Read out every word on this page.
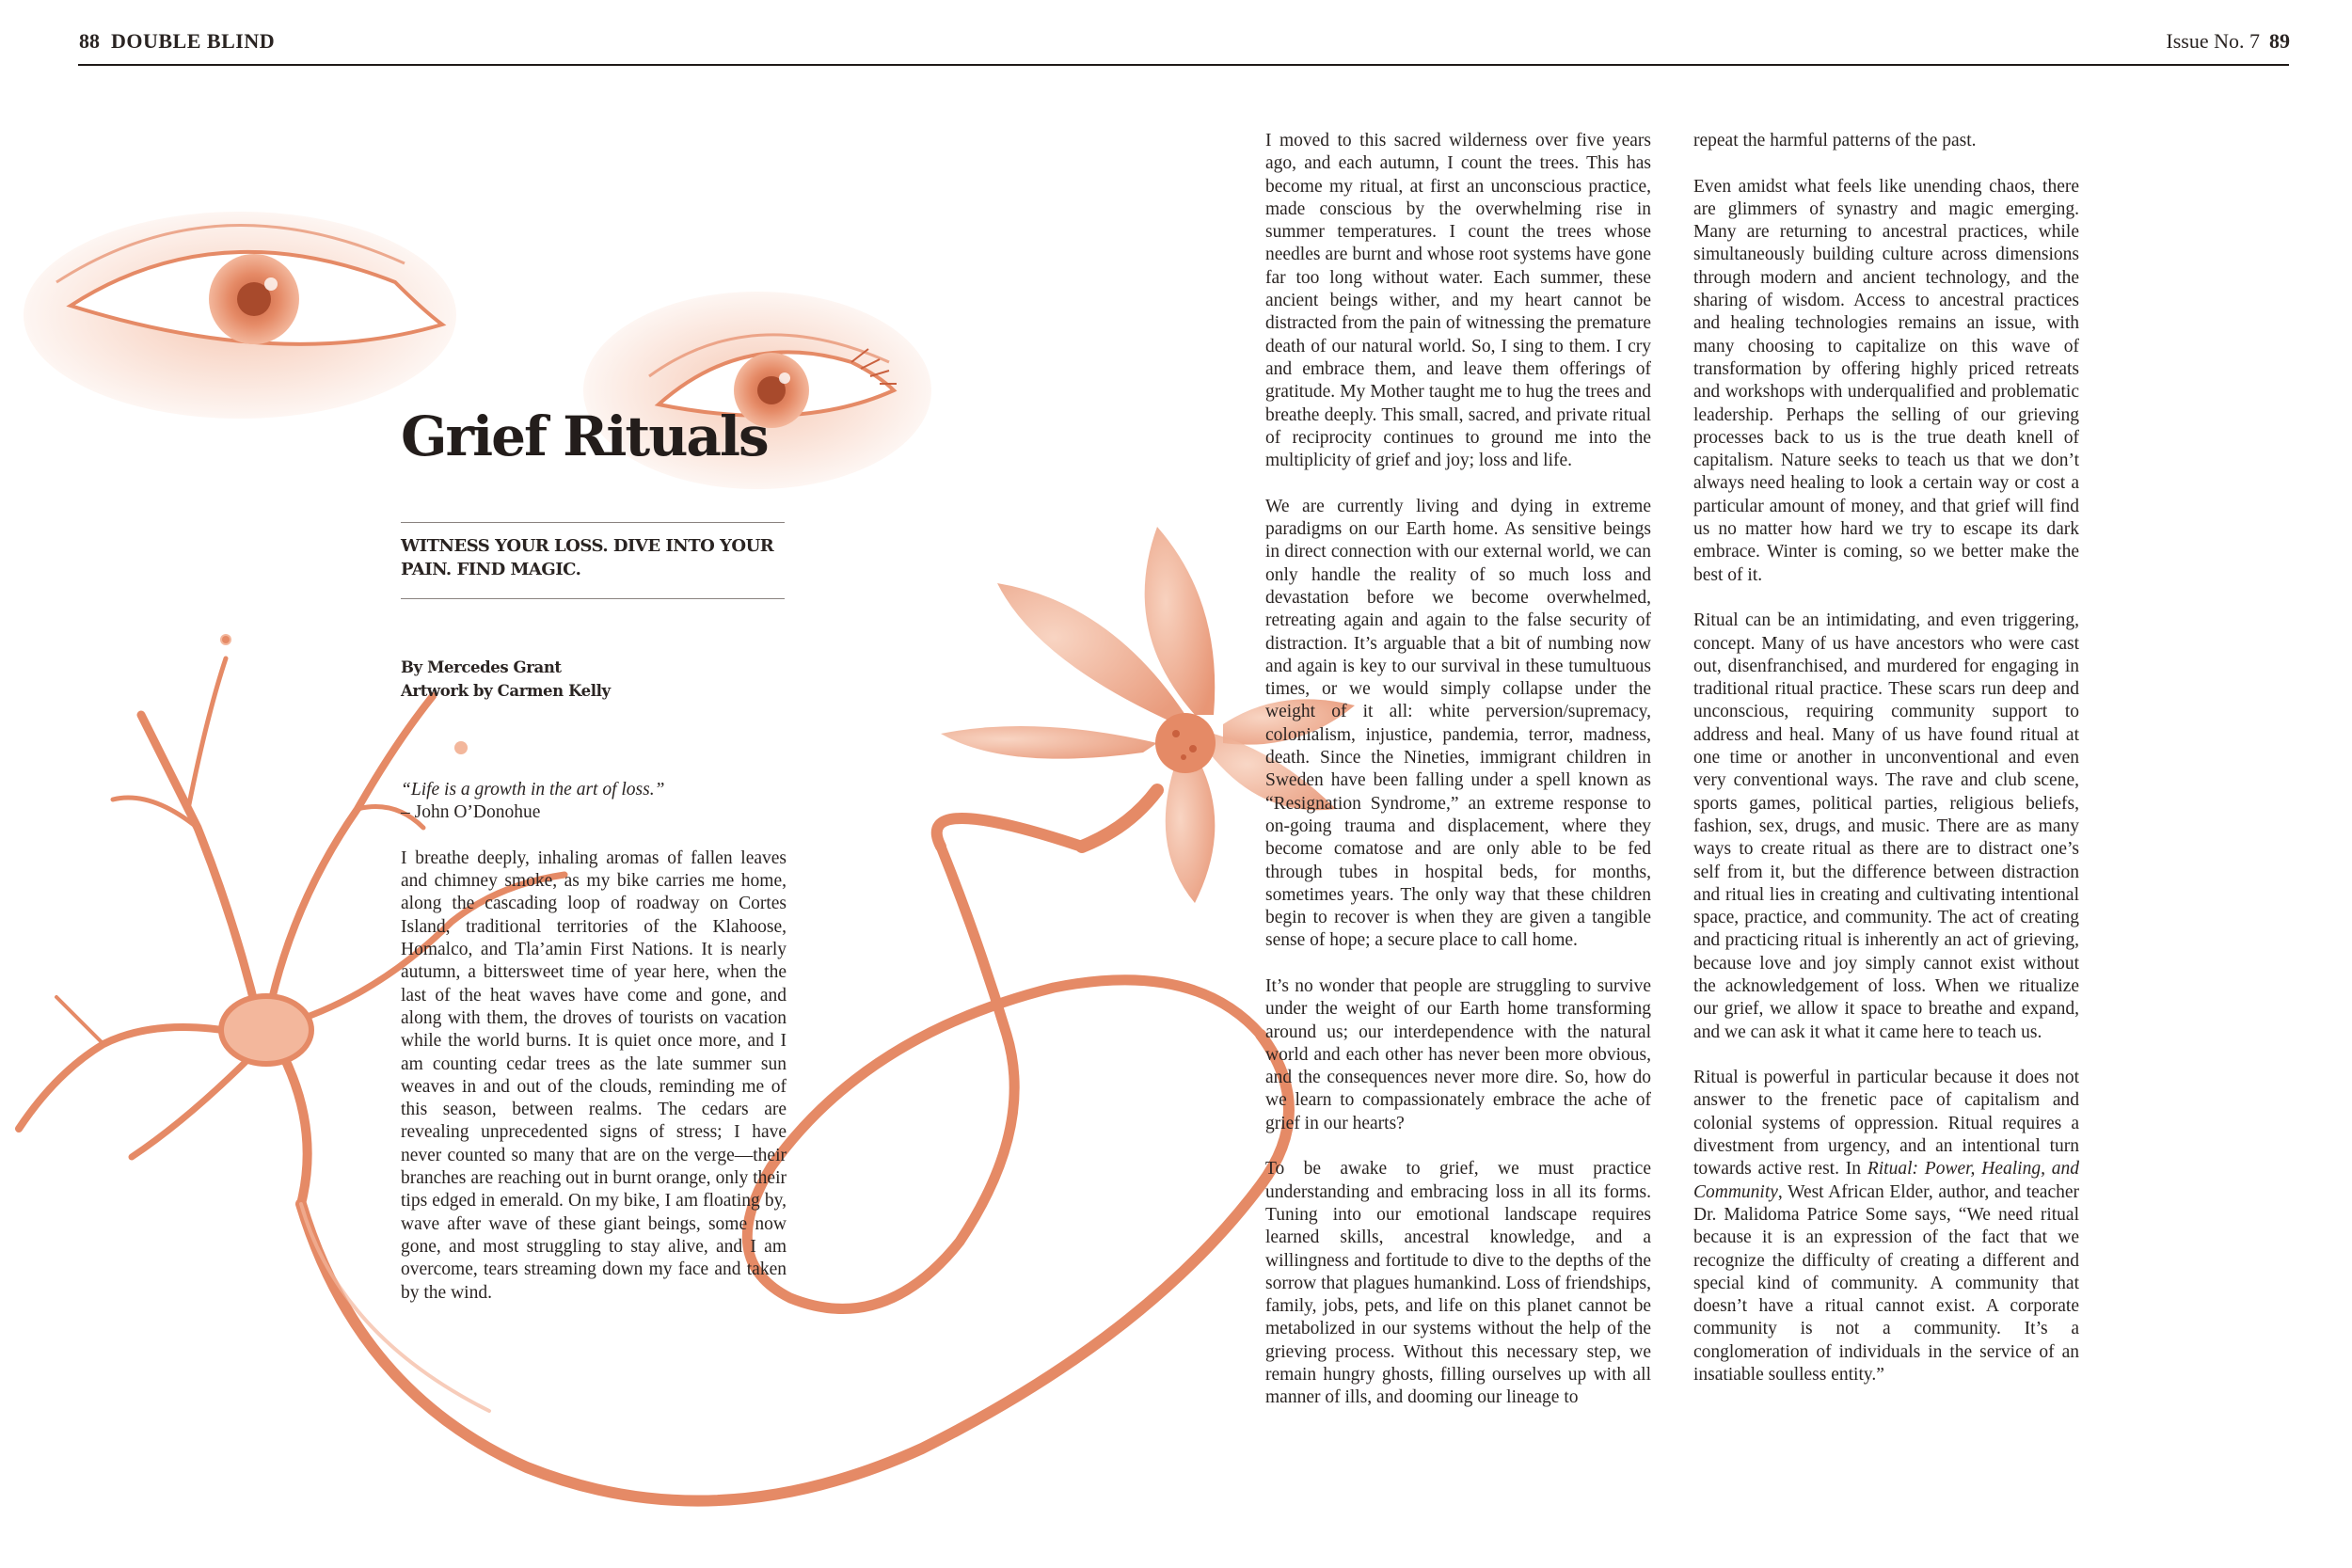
88 DOUBLE BLIND	Issue No. 7 89
Grief Rituals
WITNESS YOUR LOSS. DIVE INTO YOUR PAIN. FIND MAGIC.
By Mercedes Grant
Artwork by Carmen Kelly

“Life is a growth in the art of loss.”
– John O’Donohue

I breathe deeply, inhaling aromas of fallen leaves and chimney smoke, as my bike carries me home, along the cascading loop of roadway on Cortes Island, traditional territories of the Klahoose, Homalco, and Tla’amin First Nations. It is nearly autumn, a bittersweet time of year here, when the last of the heat waves have come and gone, and along with them, the droves of tourists on vacation while the world burns. It is quiet once more, and I am counting cedar trees as the late summer sun weaves in and out of the clouds, reminding me of this season, between realms. The cedars are revealing unprecedented signs of stress; I have never counted so many that are on the verge—their branches are reaching out in burnt orange, only their tips edged in emerald. On my bike, I am floating by, wave after wave of these giant beings, some now gone, and most struggling to stay alive, and I am overcome, tears streaming down my face and taken by the wind.

I moved to this sacred wilderness over five years ago, and each autumn, I count the trees. This has become my ritual, at first an unconscious practice, made conscious by the overwhelming rise in summer temperatures. I count the trees whose needles are burnt and whose root systems have gone far too long without water. Each summer, these ancient beings wither, and my heart cannot be distracted from the pain of witnessing the premature death of our natural world. So, I sing to them. I cry and embrace them, and leave them offerings of gratitude. My Mother taught me to hug the trees and breathe deeply. This small, sacred, and private ritual of reciprocity continues to ground me into the multiplicity of grief and joy; loss and life.

We are currently living and dying in extreme paradigms on our Earth home. As sensitive beings in direct connection with our external world, we can only handle the reality of so much loss and devastation before we become overwhelmed, retreating again and again to the false security of distraction. It’s arguable that a bit of numbing now and again is key to our survival in these tumultuous times, or we would simply collapse under the weight of it all: white perversion/supremacy, colonialism, injustice, pandemia, terror, madness, death. Since the Nineties, immigrant children in Sweden have been falling under a spell known as “Resignation Syndrome,” an extreme response to on-going trauma and displacement, where they become comatose and are only able to be fed through tubes in hospital beds, for months, sometimes years. The only way that these children begin to recover is when they are given a tangible sense of hope; a secure place to call home.

It’s no wonder that people are struggling to survive under the weight of our Earth home transforming around us; our interdependence with the natural world and each other has never been more obvious, and the consequences never more dire. So, how do we learn to compassionately embrace the ache of grief in our hearts?

To be awake to grief, we must practice understanding and embracing loss in all its forms. Tuning into our emotional landscape requires learned skills, ancestral knowledge, and a willingness and fortitude to dive to the depths of the sorrow that plagues humankind. Loss of friendships, family, jobs, pets, and life on this planet cannot be metabolized in our systems without the help of the grieving process. Without this necessary step, we remain hungry ghosts, filling ourselves up with all manner of ills, and dooming our lineage to

repeat the harmful patterns of the past.

Even amidst what feels like unending chaos, there are glimmers of synastry and magic emerging. Many are returning to ancestral practices, while simultaneously building culture across dimensions through modern and ancient technology, and the sharing of wisdom. Access to ancestral practices and healing technologies remains an issue, with many choosing to capitalize on this wave of transformation by offering highly priced retreats and workshops with underqualified and problematic leadership. Perhaps the selling of our grieving processes back to us is the true death knell of capitalism. Nature seeks to teach us that we don’t always need healing to look a certain way or cost a particular amount of money, and that grief will find us no matter how hard we try to escape its dark embrace. Winter is coming, so we better make the best of it.

Ritual can be an intimidating, and even triggering, concept. Many of us have ancestors who were cast out, disenfranchised, and murdered for engaging in traditional ritual practice. These scars run deep and unconscious, requiring community support to address and heal. Many of us have found ritual at one time or another in unconventional and even very conventional ways. The rave and club scene, sports games, political parties, religious beliefs, fashion, sex, drugs, and music. There are as many ways to create ritual as there are to distract one’s self from it, but the difference between distraction and ritual lies in creating and cultivating intentional space, practice, and community. The act of creating and practicing ritual is inherently an act of grieving, because love and joy simply cannot exist without the acknowledgement of loss. When we ritualize our grief, we allow it space to breathe and expand, and we can ask it what it came here to teach us.

Ritual is powerful in particular because it does not answer to the frenetic pace of capitalism and colonial systems of oppression. Ritual requires a divestment from urgency, and an intentional turn towards active rest. In Ritual: Power, Healing, and Community, West African Elder, author, and teacher Dr. Malidoma Patrice Some says, “We need ritual because it is an expression of the fact that we recognize the difficulty of creating a different and special kind of community. A community that doesn’t have a ritual cannot exist. A corporate community is not a community. It’s a conglomeration of individuals in the service of an insatiable soulless entity.”
